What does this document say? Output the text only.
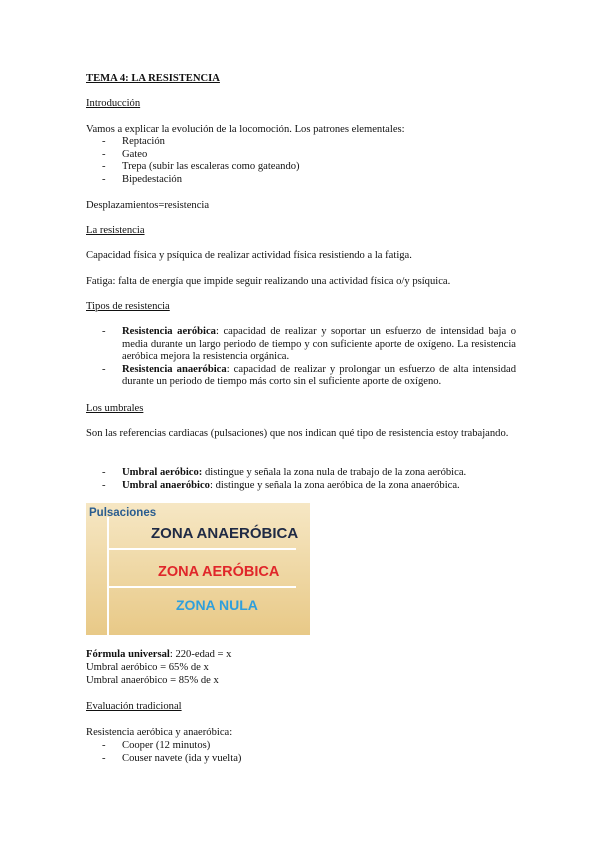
TEMA 4: LA RESISTENCIA

Introducción

Vamos a explicar la evolución de la locomoción. Los patrones elementales:

- Reptación
- Gateo
- Trepa (subir las escaleras como gateando)
- Bipedestación

Desplazamientos=resistencia

La resistencia

Capacidad física y psíquica de realizar actividad física resistiendo a la fatiga.

Fatiga: falta de energía que impide seguir realizando una actividad física o/y psíquica.

Tipos de resistencia

- Resistencia aeróbica: capacidad de realizar y soportar un esfuerzo de intensidad baja o media durante un largo periodo de tiempo y con suficiente aporte de oxígeno. La resistencia aeróbica mejora la resistencia orgánica.
- Resistencia anaeróbica: capacidad de realizar y prolongar un esfuerzo de alta intensidad durante un periodo de tiempo más corto sin el suficiente aporte de oxígeno.

Los umbrales

Son las referencias cardiacas (pulsaciones) que nos indican qué tipo de resistencia estoy trabajando.

- Umbral aeróbico: distingue y señala la zona nula de trabajo de la zona aeróbica.
- Umbral anaeróbico: distingue y señala la zona aeróbica de la zona anaeróbica.
Pulsaciones
ZONA ANAERÓBICA
ZONA AERÓBICA
ZONA NULA

Fórmula universal: 220-edad = x

Umbral aeróbico = 65% de x

Umbral anaeróbico = 85% de x

Evaluación tradicional

Resistencia aeróbica y anaeróbica:

- Cooper (12 minutos)
- Couser navete (ida y vuelta)
